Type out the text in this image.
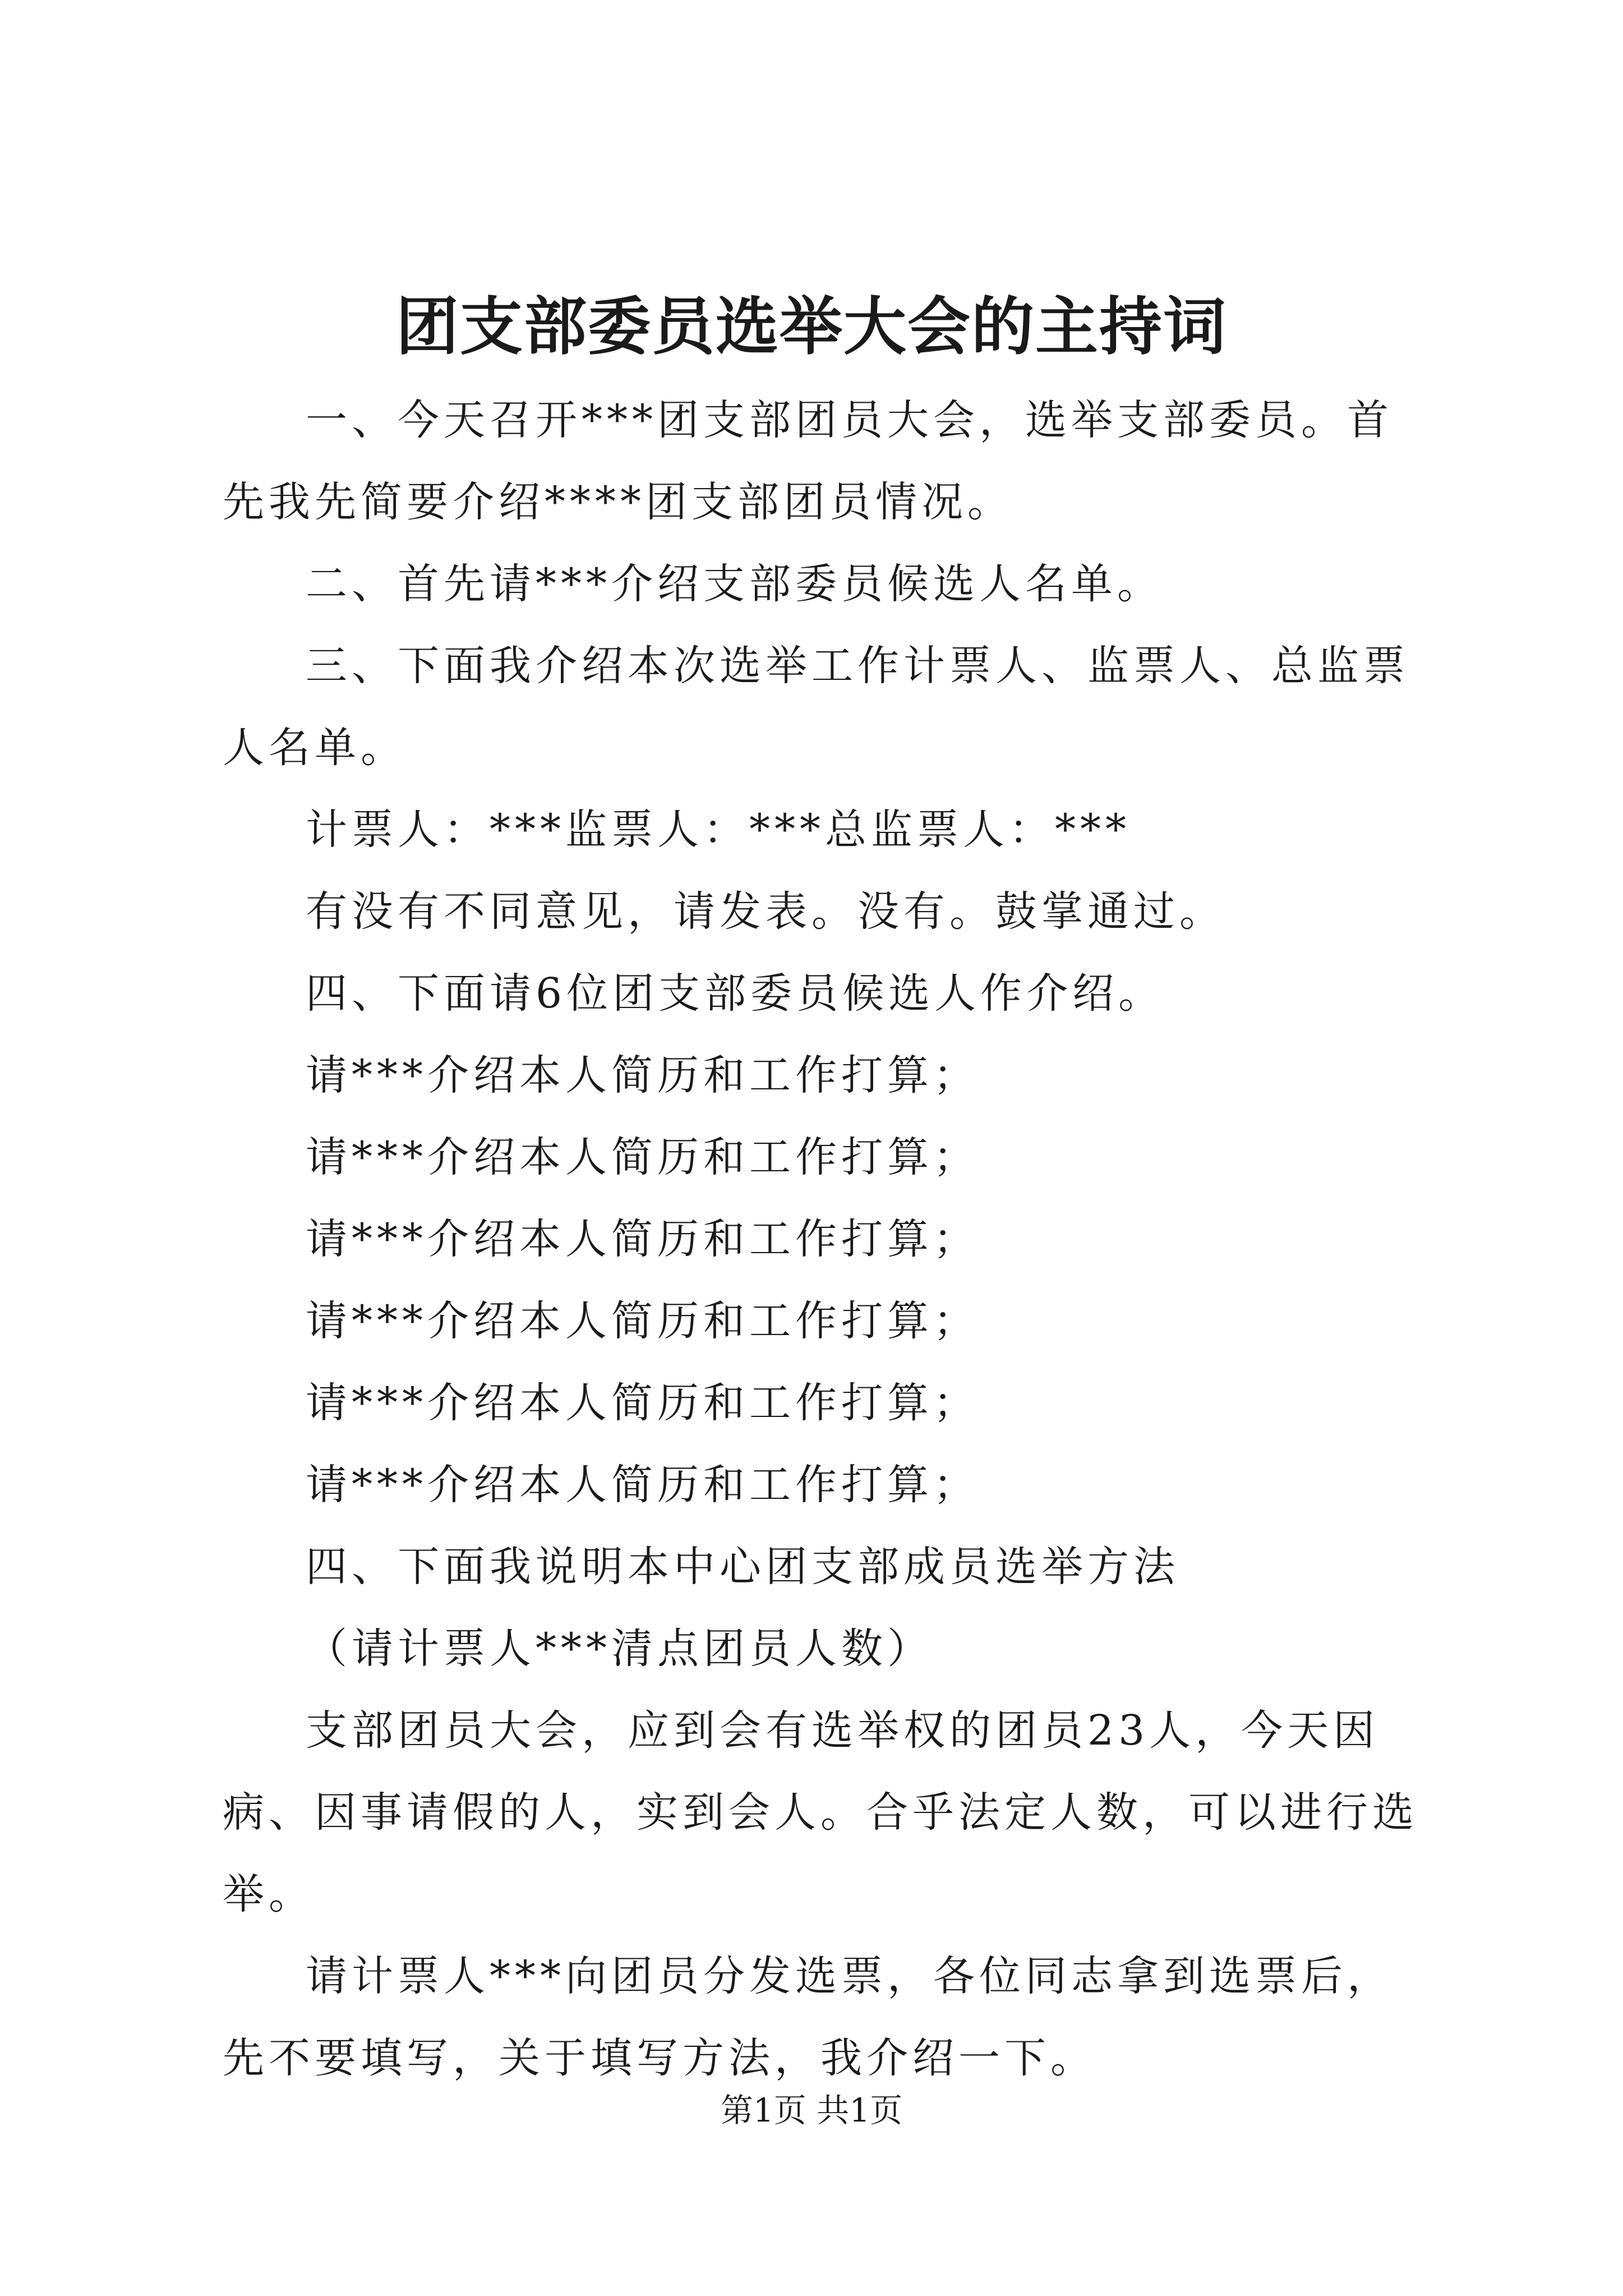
团支部委员选举大会的主持词

一、今天召开***团支部团员大会，选举支部委员。首先我先简要介绍****团支部团员情况。

二、首先请***介绍支部委员候选人名单。

三、下面我介绍本次选举工作计票人、监票人、总监票人名单。

计票人：***监票人：***总监票人：***

有没有不同意见，请发表。没有。鼓掌通过。

四、下面请6位团支部委员候选人作介绍。

请***介绍本人简历和工作打算；

请***介绍本人简历和工作打算；

请***介绍本人简历和工作打算；

请***介绍本人简历和工作打算；

请***介绍本人简历和工作打算；

请***介绍本人简历和工作打算；

四、下面我说明本中心团支部成员选举方法

（请计票人***清点团员人数）

支部团员大会，应到会有选举权的团员23人，今天因病、因事请假的人，实到会人。合乎法定人数，可以进行选举。

请计票人***向团员分发选票，各位同志拿到选票后，先不要填写，关于填写方法，我介绍一下。

第1页 共1页
